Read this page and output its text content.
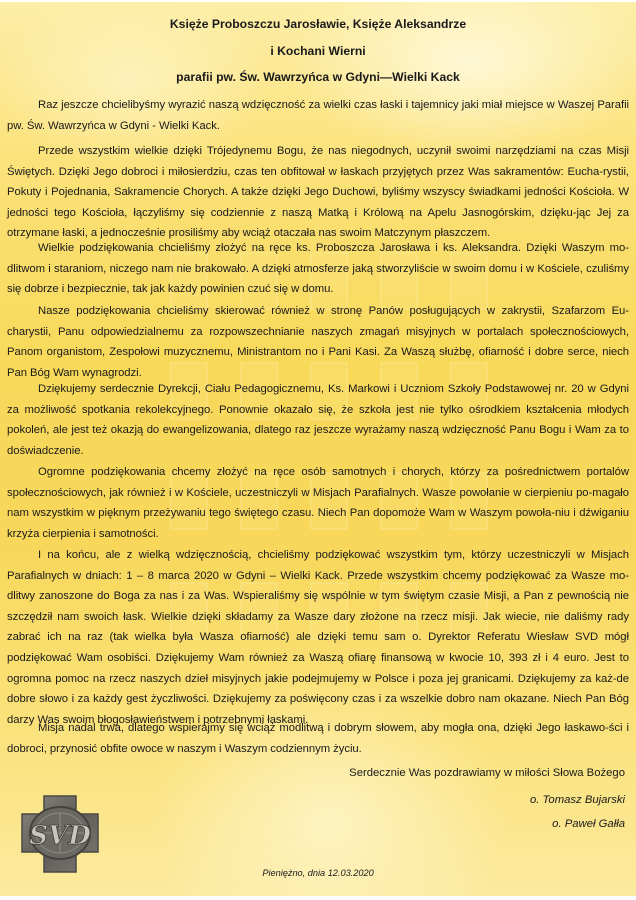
SVD

Księże Proboszczu Jarosławie, Księże Aleksandrze

i Kochani Wierni

parafii pw. Św. Wawrzyńca w Gdyni—Wielki Kack

Raz jeszcze chcielibyśmy wyrazić naszą wdzięczność za wielki czas łaski i tajemnicy jaki miał miejsce w Waszej Parafii pw. Św. Wawrzyńca w Gdyni - Wielki Kack.

Przede wszystkim wielkie dzięki Trójedynemu Bogu, że nas niegodnych, uczynił swoimi narzędziami na czas Misji Świętych. Dzięki Jego dobroci i miłosierdziu, czas ten obfitował w łaskach przyjętych przez Was sakramentów: Eucha-rystii, Pokuty i Pojednania, Sakramencie Chorych. A także dzięki Jego Duchowi, byliśmy wszyscy świadkami jedności Kościoła. W jedności tego Kościoła, łączyliśmy się codziennie z naszą Matką i Królową na Apelu Jasnogórskim, dzięku-jąc Jej za otrzymane łaski, a jednocześnie prosiliśmy aby wciąż otaczała nas swoim Matczynym płaszczem.

Wielkie podziękowania chcieliśmy złożyć na ręce ks. Proboszcza Jarosława i ks. Aleksandra. Dzięki Waszym mo-dlitwom i staraniom, niczego nam nie brakowało. A dzięki atmosferze jaką stworzyliście w swoim domu i w Kościele, czuliśmy się dobrze i bezpiecznie, tak jak każdy powinien czuć się w domu.

Nasze podziękowania chcieliśmy skierować również w stronę Panów posługujących w zakrystii, Szafarzom Eu-charystii, Panu odpowiedzialnemu za rozpowszechnianie naszych zmagań misyjnych w portalach społecznościowych, Panom organistom, Zespołowi muzycznemu, Ministrantom no i Pani Kasi. Za Waszą służbę, ofiarność i dobre serce, niech Pan Bóg Wam wynagrodzi.

Dziękujemy serdecznie Dyrekcji, Ciału Pedagogicznemu, Ks. Markowi i Uczniom Szkoły Podstawowej nr. 20 w Gdyni za możliwość spotkania rekolekcyjnego. Ponownie okazało się, że szkoła jest nie tylko ośrodkiem kształcenia młodych pokoleń, ale jest też okazją do ewangelizowania, dlatego raz jeszcze wyrażamy naszą wdzięczność Panu Bogu i Wam za to doświadczenie.

Ogromne podziękowania chcemy złożyć na ręce osób samotnych i chorych, którzy za pośrednictwem portalów społecznościowych, jak również i w Kościele, uczestniczyli w Misjach Parafialnych. Wasze powołanie w cierpieniu po-magało nam wszystkim w pięknym przeżywaniu tego świętego czasu. Niech Pan dopomoże Wam w Waszym powoła-niu i dźwiganiu krzyża cierpienia i samotności.

I na końcu, ale z wielką wdzięcznością, chcieliśmy podziękować wszystkim tym, którzy uczestniczyli w Misjach Parafialnych w dniach: 1 – 8 marca 2020 w Gdyni – Wielki Kack. Przede wszystkim chcemy podziękować za Wasze mo-dlitwy zanoszone do Boga za nas i za Was. Wspieraliśmy się wspólnie w tym świętym czasie Misji, a Pan z pewnością nie szczędził nam swoich łask. Wielkie dzięki składamy za Wasze dary złożone na rzecz misji. Jak wiecie, nie daliśmy rady zabrać ich na raz (tak wielka była Wasza ofiarność) ale dzięki temu sam o. Dyrektor Referatu Wiesław SVD mógł podziękować Wam osobiści. Dziękujemy Wam również za Waszą ofiarę finansową w kwocie 10, 393 zł i 4 euro. Jest to ogromna pomoc na rzecz naszych dzieł misyjnych jakie podejmujemy w Polsce i poza jej granicami. Dziękujemy za każ-de dobre słowo i za każdy gest życzliwości. Dziękujemy za poświęcony czas i za wszelkie dobro nam okazane. Niech Pan Bóg darzy Was swoim błogosławieństwem i potrzebnymi łaskami.

Misja nadal trwa, dlatego wspierajmy się wciąż modlitwą i dobrym słowem, aby mogła ona, dzięki Jego łaskawo-ści i dobroci, przynosić obfite owoce w naszym i Waszym codziennym życiu.

Serdecznie Was pozdrawiamy w miłości Słowa Bożego

o. Tomasz Bujarski

o. Paweł Gałła

Pieniężno, dnia 12.03.2020
